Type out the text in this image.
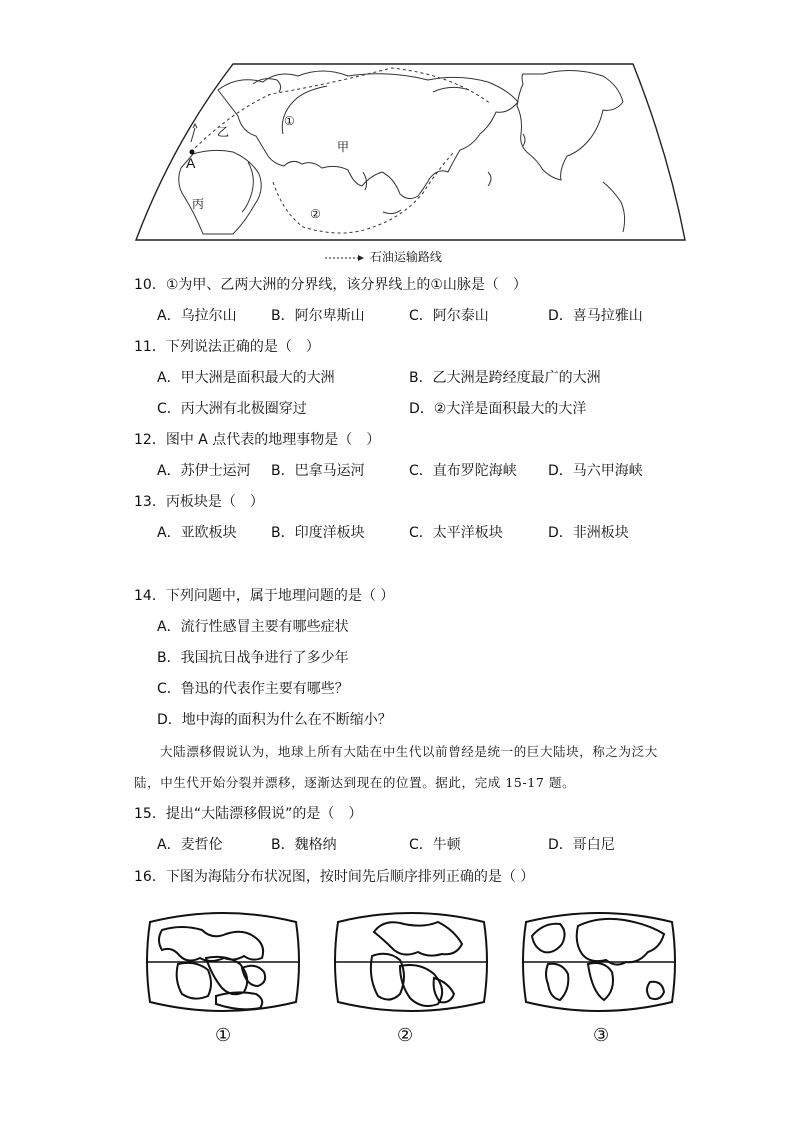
①
乙
甲
A
丙
②
石油运输路线
10．①为甲、乙两大洲的分界线，该分界线上的①山脉是（　）
A．乌拉尔山 B．阿尔卑斯山	C．阿尔泰山	D．喜马拉雅山
11．下列说法正确的是（　）
A．甲大洲是面积最大的大洲	B．乙大洲是跨经度最广的大洲
C．丙大洲有北极圈穿过	D．②大洋是面积最大的大洋
12．图中 A 点代表的地理事物是（　）
A．苏伊士运河 B．巴拿马运河	C．直布罗陀海峡 D．马六甲海峡
13．丙板块是（　）
A．亚欧板块 B．印度洋板块	C．太平洋板块	D．非洲板块
14．下列问题中，属于地理问题的是（ ）
A．流行性感冒主要有哪些症状
B．我国抗日战争进行了多少年
C．鲁迅的代表作主要有哪些？
D．地中海的面积为什么在不断缩小？
大陆漂移假说认为，地球上所有大陆在中生代以前曾经是统一的巨大陆块，称之为泛大陆，中生代开始分裂并漂移，逐渐达到现在的位置。据此，完成 15-17 题。
15．提出“大陆漂移假说”的是（　）
A．麦哲伦	B．魏格纳	C．牛顿	D．哥白尼
16．下图为海陆分布状况图，按时间先后顺序排列正确的是（ ）
①	②	③
